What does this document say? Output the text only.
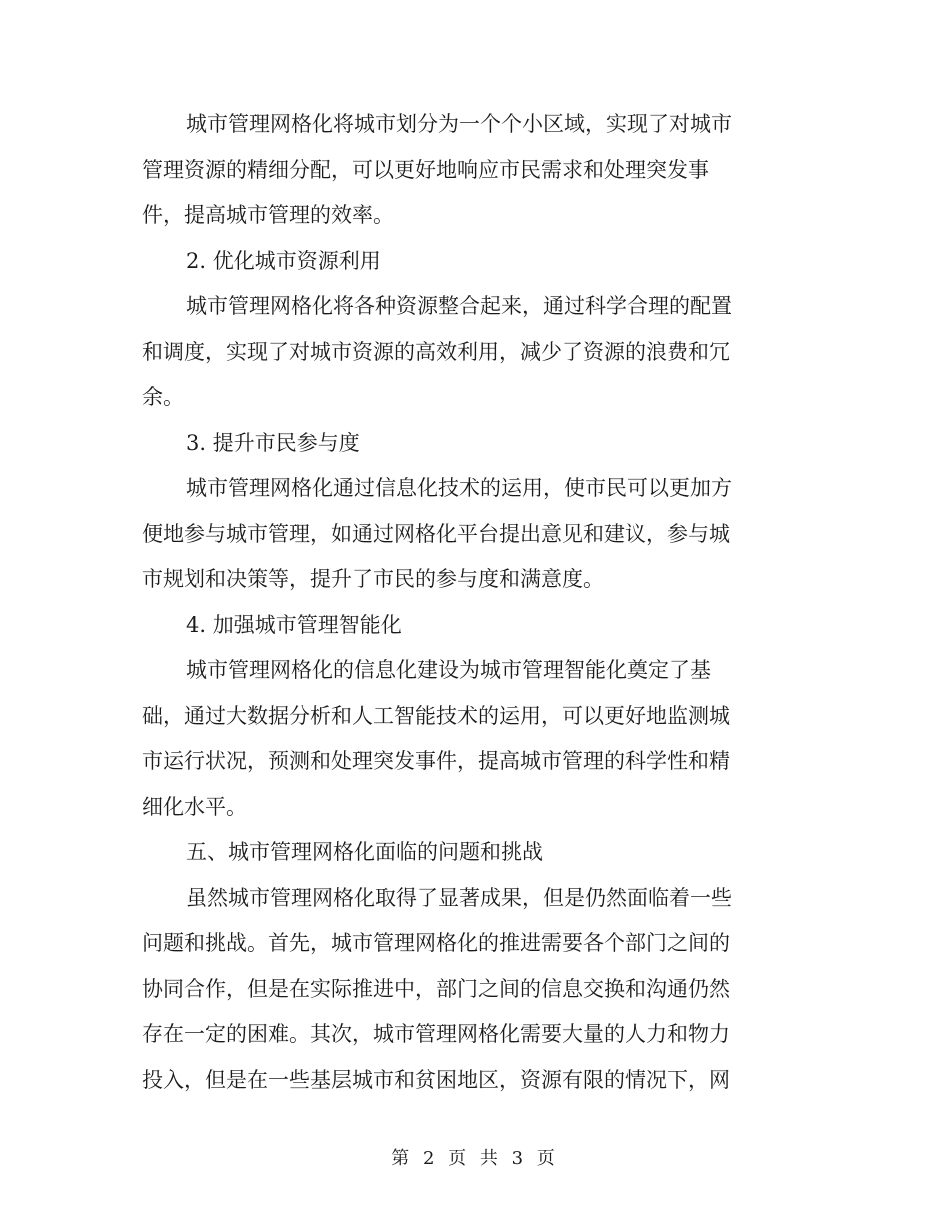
城市管理网格化将城市划分为一个个小区域，实现了对城市
管理资源的精细分配，可以更好地响应市民需求和处理突发事
件，提高城市管理的效率。
2. 优化城市资源利用
城市管理网格化将各种资源整合起来，通过科学合理的配置
和调度，实现了对城市资源的高效利用，减少了资源的浪费和冗
余。
3. 提升市民参与度
城市管理网格化通过信息化技术的运用，使市民可以更加方
便地参与城市管理，如通过网格化平台提出意见和建议，参与城
市规划和决策等，提升了市民的参与度和满意度。
4. 加强城市管理智能化
城市管理网格化的信息化建设为城市管理智能化奠定了基
础，通过大数据分析和人工智能技术的运用，可以更好地监测城
市运行状况，预测和处理突发事件，提高城市管理的科学性和精
细化水平。
五、城市管理网格化面临的问题和挑战
虽然城市管理网格化取得了显著成果，但是仍然面临着一些
问题和挑战。首先，城市管理网格化的推进需要各个部门之间的
协同合作，但是在实际推进中，部门之间的信息交换和沟通仍然
存在一定的困难。其次，城市管理网格化需要大量的人力和物力
投入，但是在一些基层城市和贫困地区，资源有限的情况下，网
第 2 页 共 3 页
